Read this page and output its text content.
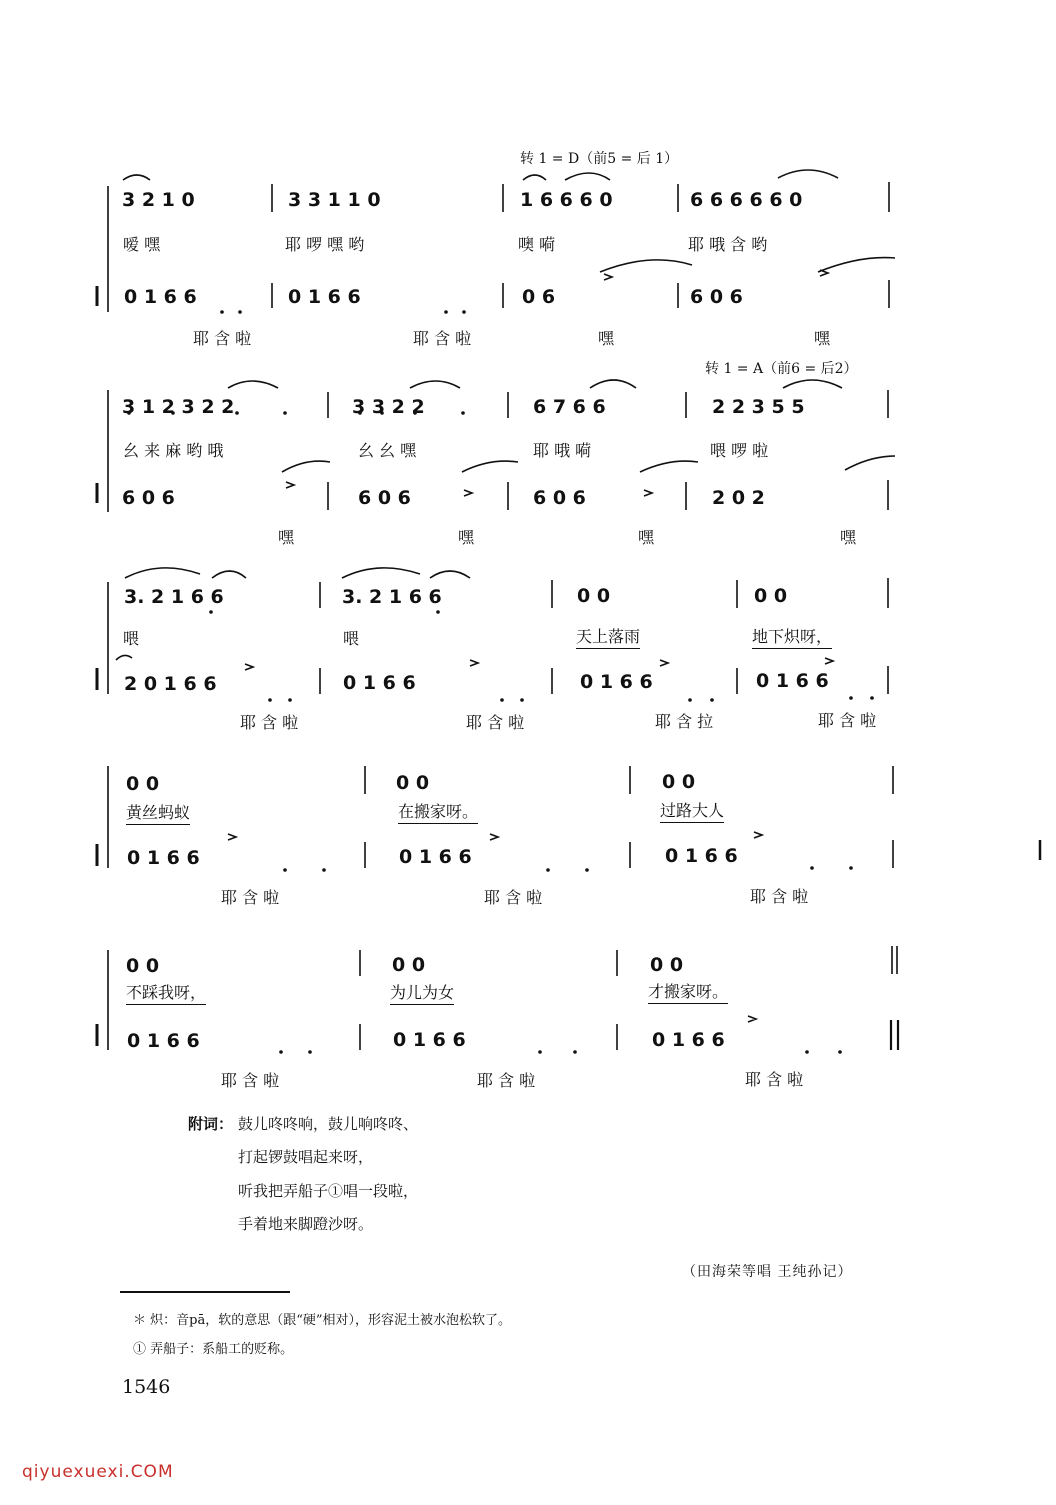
转 1 = D（前5 = 后 1）
转 1 = A（前6 = 后2）
3 2 1 0	3 3 1 1 0	1 6 6 6 0	6 6 6 6 6 0
嗳 嘿	耶 啰 嘿 哟	噢 嗬	耶 哦 含 哟
0 1 6 6	0 1 6 6	0 6	6 0 6
耶 含 啦	耶 含 啦	嘿	嘿
3 1 2 3 2 2	3 3 2 2	6 7 6 6	2 2 3 5 5
幺 来 麻 哟 哦	幺 幺 嘿	耶 哦 嗬	喂 啰 啦
6 0 6	6 0 6	6 0 6	2 0 2
嘿	嘿	嘿	嘿
3. 2 1 6 6	3. 2 1 6 6	0 0	0 0
喂	喂	天上落雨	地下炽呀，
2 0 1 6 6	0 1 6 6	0 1 6 6	0 1 6 6
耶 含 啦	耶 含 啦	耶 含 拉	耶 含 啦
0 0	0 0	0 0
黄丝蚂蚁	在搬家呀。	过路大人
0 1 6 6	0 1 6 6	0 1 6 6
耶 含 啦	耶 含 啦	耶 含 啦
0 0	0 0	0 0
不踩我呀，	为儿为女	才搬家呀。
0 1 6 6	0 1 6 6	0 1 6 6
耶 含 啦	耶 含 啦	耶 含 啦
附词： 鼓儿咚咚响，鼓儿响咚咚、
打起锣鼓唱起来呀，
听我把弄船子①唱一段啦，
手着地来脚蹬沙呀。
（田海荣等唱 王纯孙记）
＊ 炽：音pā，软的意思（跟“硬”相对），形容泥土被水泡松软了。
① 弄船子：系船工的贬称。
1546
qiyuexuexi.COM
